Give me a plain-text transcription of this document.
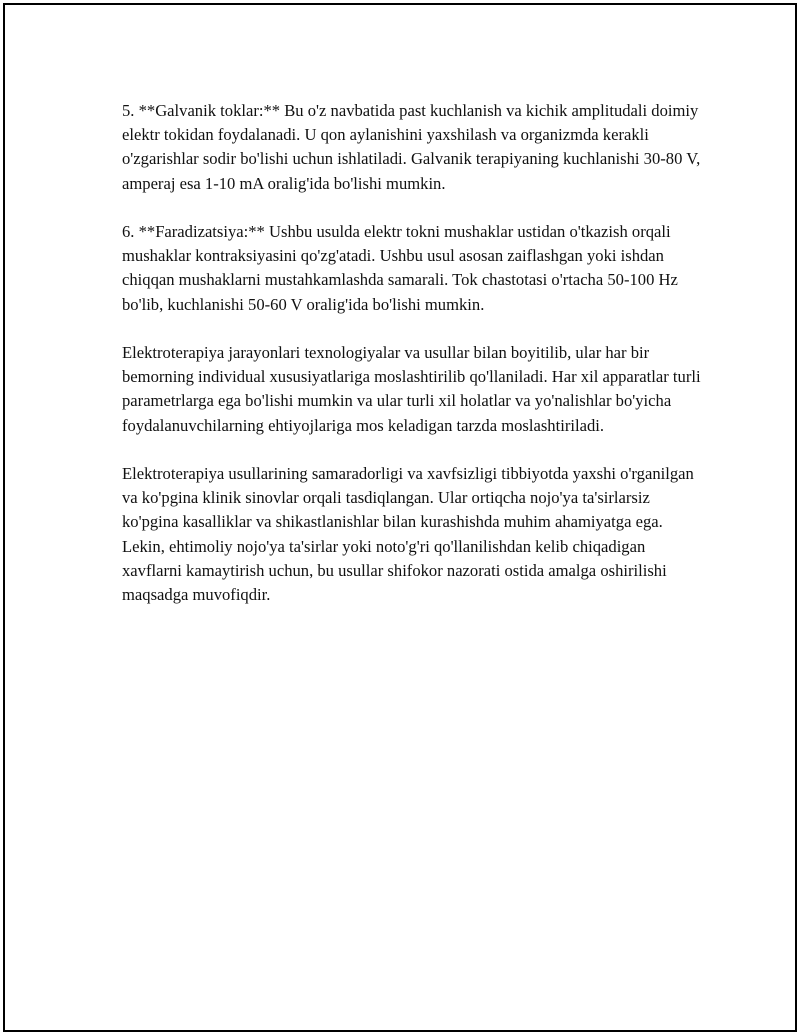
5. **Galvanik toklar:** Bu o'z navbatida past kuchlanish va kichik amplitudali doimiy elektr tokidan foydalanadi. U qon aylanishini yaxshilash va organizmda kerakli o'zgarishlar sodir bo'lishi uchun ishlatiladi. Galvanik terapiyaning kuchlanishi 30-80 V, amperaj esa 1-10 mA oralig'ida bo'lishi mumkin.

6. **Faradizatsiya:** Ushbu usulda elektr tokni mushaklar ustidan o'tkazish orqali mushaklar kontraksiyasini qo'zg'atadi. Ushbu usul asosan zaiflashgan yoki ishdan chiqqan mushaklarni mustahkamlashda samarali. Tok chastotasi o'rtacha 50-100 Hz bo'lib, kuchlanishi 50-60 V oralig'ida bo'lishi mumkin.

Elektroterapiya jarayonlari texnologiyalar va usullar bilan boyitilib, ular har bir bemorning individual xususiyatlariga moslashtirilib qo'llaniladi. Har xil apparatlar turli parametrlarga ega bo'lishi mumkin va ular turli xil holatlar va yo'nalishlar bo'yicha foydalanuvchilarning ehtiyojlariga mos keladigan tarzda moslashtiriladi.

Elektroterapiya usullarining samaradorligi va xavfsizligi tibbiyotda yaxshi o'rganilgan va ko'pgina klinik sinovlar orqali tasdiqlangan. Ular ortiqcha nojo'ya ta'sirlarsiz ko'pgina kasalliklar va shikastlanishlar bilan kurashishda muhim ahamiyatga ega. Lekin, ehtimoliy nojo'ya ta'sirlar yoki noto'g'ri qo'llanilishdan kelib chiqadigan xavflarni kamaytirish uchun, bu usullar shifokor nazorati ostida amalga oshirilishi maqsadga muvofiqdir.
